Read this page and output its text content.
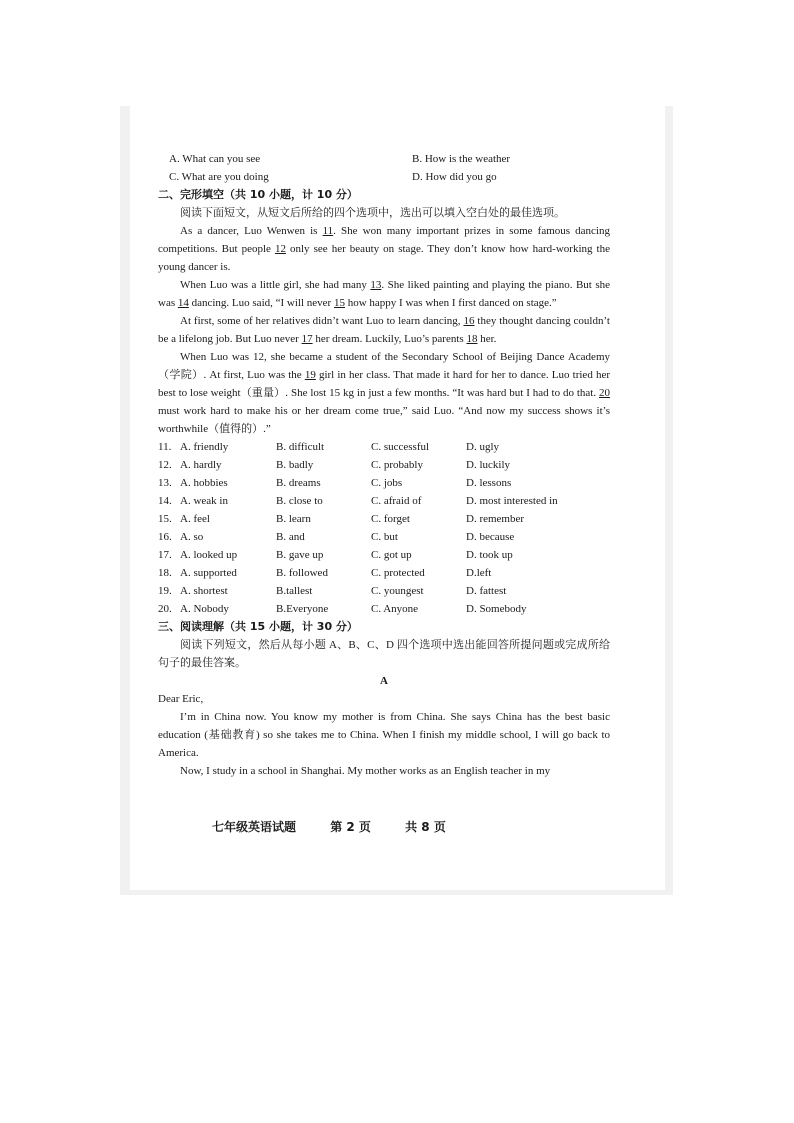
A. What can you see	B. How is the weather
C. What are you doing	D. How did you go
二、完形填空（共 10 小题，计 10 分）

阅读下面短文，从短文后所给的四个选项中，选出可以填入空白处的最佳选项。

As a dancer, Luo Wenwen is 11. She won many important prizes in some famous dancing competitions. But people 12 only see her beauty on stage. They don’t know how hard-working the young dancer is.

When Luo was a little girl, she had many 13. She liked painting and playing the piano. But she was 14 dancing. Luo said, “I will never 15 how happy I was when I first danced on stage.”

At first, some of her relatives didn’t want Luo to learn dancing, 16 they thought dancing couldn’t be a lifelong job. But Luo never 17 her dream. Luckily, Luo’s parents 18 her.

When Luo was 12, she became a student of the Secondary School of Beijing Dance Academy（学院）. At first, Luo was the 19 girl in her class. That made it hard for her to dance. Luo tried her best to lose weight（重量）. She lost 15 kg in just a few months. “It was hard but I had to do that. 20 must work hard to make his or her dream come true,” said Luo. “And now my success shows it’s worthwhile（值得的）.”

11. A. friendly	B. difficult	C. successful	D. ugly
12. A. hardly	B. badly	C. probably	D. luckily
13. A. hobbies	B. dreams	C. jobs	D. lessons
14. A. weak in	B. close to	C. afraid of	D. most interested in
15. A. feel	B. learn	C. forget	D. remember
16. A. so	B. and	C. but	D. because
17. A. looked up	B. gave up	C. got up	D. took up
18. A. supported	B. followed	C. protected	D.left
19. A. shortest	B.tallest	C. youngest	D. fattest
20. A. Nobody	B.Everyone	C. Anyone	D. Somebody
三、阅读理解（共 15 小题，计 30 分）

阅读下列短文，然后从每小题 A、B、C、D 四个选项中选出能回答所提问题或完成所给句子的最佳答案。

A

Dear Eric,

I’m in China now. You know my mother is from China. She says China has the best basic education (基础教育) so she takes me to China. When I finish my middle school, I will go back to America.

Now, I study in a school in Shanghai. My mother works as an English teacher in my

七年级英语试题	第 2 页	共 8 页
